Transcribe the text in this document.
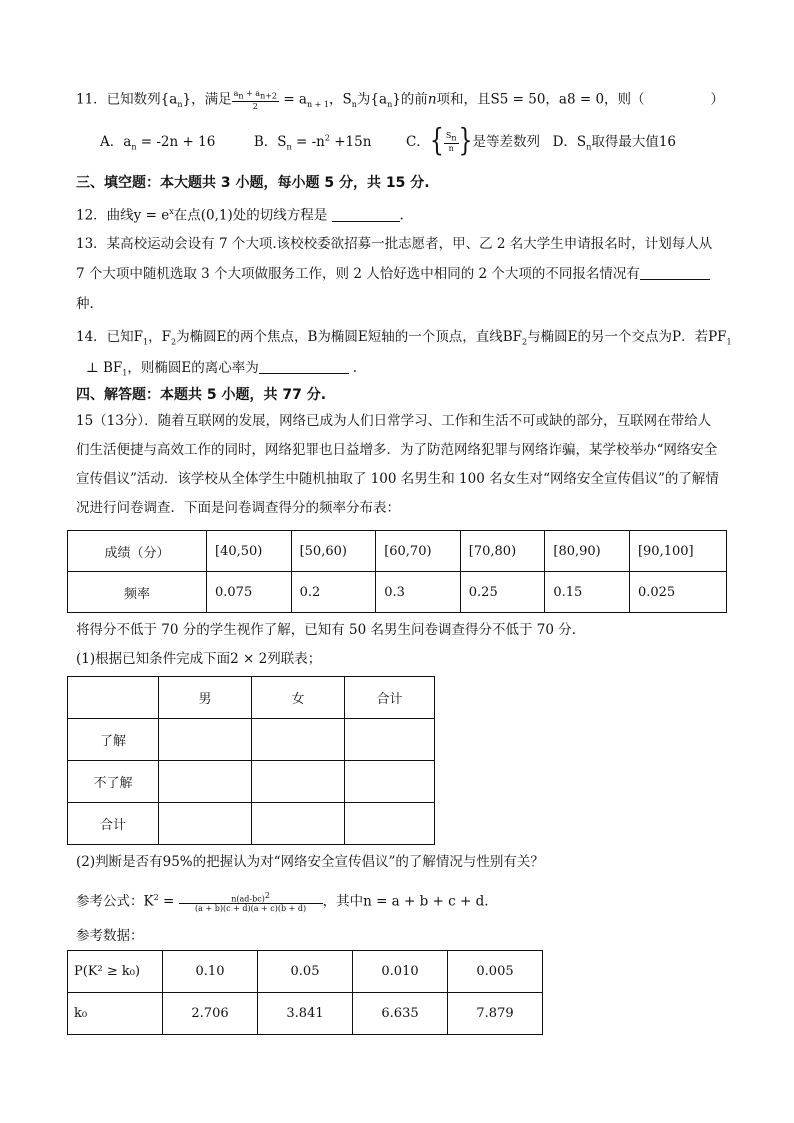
11．已知数列$\{a_n\}$，满足 $\frac{a_n + a_{n+2}}{2} = a_{n + 1}$，$S_n$为$\{a_n\}$的前n项和，且S5 = 50，a8 = 0，则（	）
A．$a_n = -2n + 16$	B．$S_n = -n^2 +15n$	C．{ $\frac{S_n}{n}$ }是等差数列 D．$S_n$取得最大值16
三、填空题：本大题共 3 小题，每小题 5 分，共 15 分.
12．曲线$y = e^x$在点(0,1)处的切线方程是	.
13．某高校运动会设有 7 个大项.该校校委欲招募一批志愿者，甲、乙 2 名大学生申请报名时，计划每人从
7 个大项中随机选取 3 个大项做服务工作，则 2 人恰好选中相同的 2 个大项的不同报名情况有
种.
14．已知$F_1$，$F_2$为椭圆E的两个焦点，B为椭圆E短轴的一个顶点，直线$BF_2$与椭圆E的另一个交点为P．若$PF_1$
⊥ $BF_1$，则椭圆E的离心率为	.
四、解答题：本题共 5 小题，共 77 分.
15（13分）．随着互联网的发展，网络已成为人们日常学习、工作和生活不可或缺的部分，互联网在带给人们生活便捷与高效工作的同时，网络犯罪也日益增多．为了防范网络犯罪与网络诈骗，某学校举办“网络安全宣传倡议”活动．该学校从全体学生中随机抽取了 100 名男生和 100 名女生对“网络安全宣传倡议”的了解情况进行问卷调查．下面是问卷调查得分的频率分布表：
成绩（分）	[40,50)	[50,60)	[60,70)	[70,80)	[80,90)	[90,100]
频率	0.075	0.2	0.3	0.25	0.15	0.025
将得分不低于 70 分的学生视作了解，已知有 50 名男生问卷调查得分不低于 70 分.
(1)根据已知条件完成下面2 × 2列联表；
	男	女	合计
了解			
不了解			
合计			
(2)判断是否有95%的把握认为对“网络安全宣传倡议”的了解情况与性别有关？
参考公式：$K^2 = \frac{n(ad-bc)^2}{(a + b)(c + d)(a + c)(b + d)}$ ，其中n = a + b + c + d.
参考数据：
P(K² ≥ k₀)	0.10	0.05	0.010	0.005
k₀	2.706	3.841	6.635	7.879
